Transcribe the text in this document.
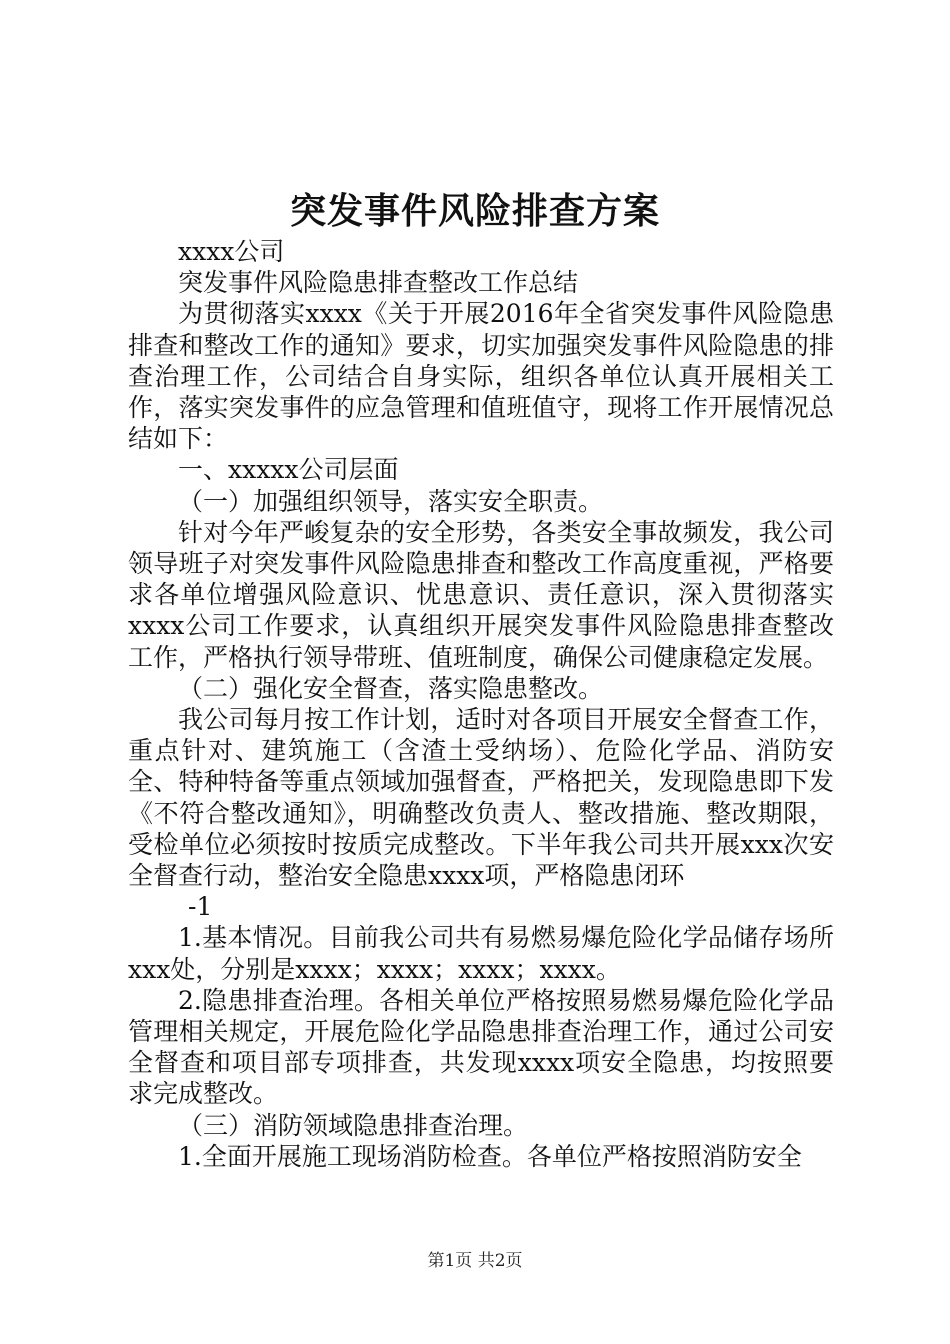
突发事件风险排查方案

xxxx公司

突发事件风险隐患排查整改工作总结

为贯彻落实xxxx《关于开展2016年全省突发事件风险隐患排查和整改工作的通知》要求，切实加强突发事件风险隐患的排查治理工作，公司结合自身实际，组织各单位认真开展相关工作，落实突发事件的应急管理和值班值守，现将工作开展情况总结如下：

一、xxxxx公司层面

（一）加强组织领导，落实安全职责。

针对今年严峻复杂的安全形势，各类安全事故频发，我公司领导班子对突发事件风险隐患排查和整改工作高度重视，严格要求各单位增强风险意识、忧患意识、责任意识，深入贯彻落实xxxx公司工作要求，认真组织开展突发事件风险隐患排查整改工作，严格执行领导带班、值班制度，确保公司健康稳定发展。

（二）强化安全督查，落实隐患整改。

我公司每月按工作计划，适时对各项目开展安全督查工作，重点针对、建筑施工（含渣土受纳场）、危险化学品、消防安全、特种特备等重点领域加强督查，严格把关，发现隐患即下发《不符合整改通知》，明确整改负责人、整改措施、整改期限，受检单位必须按时按质完成整改。下半年我公司共开展xxx次安全督查行动，整治安全隐患xxxx项，严格隐患闭环

-1

1.基本情况。目前我公司共有易燃易爆危险化学品储存场所xxx处，分别是xxxx；xxxx；xxxx；xxxx。

2.隐患排查治理。各相关单位严格按照易燃易爆危险化学品管理相关规定，开展危险化学品隐患排查治理工作，通过公司安全督查和项目部专项排查，共发现xxxx项安全隐患，均按照要求完成整改。

（三）消防领域隐患排查治理。

1.全面开展施工现场消防检查。各单位严格按照消防安全

第1页 共2页
